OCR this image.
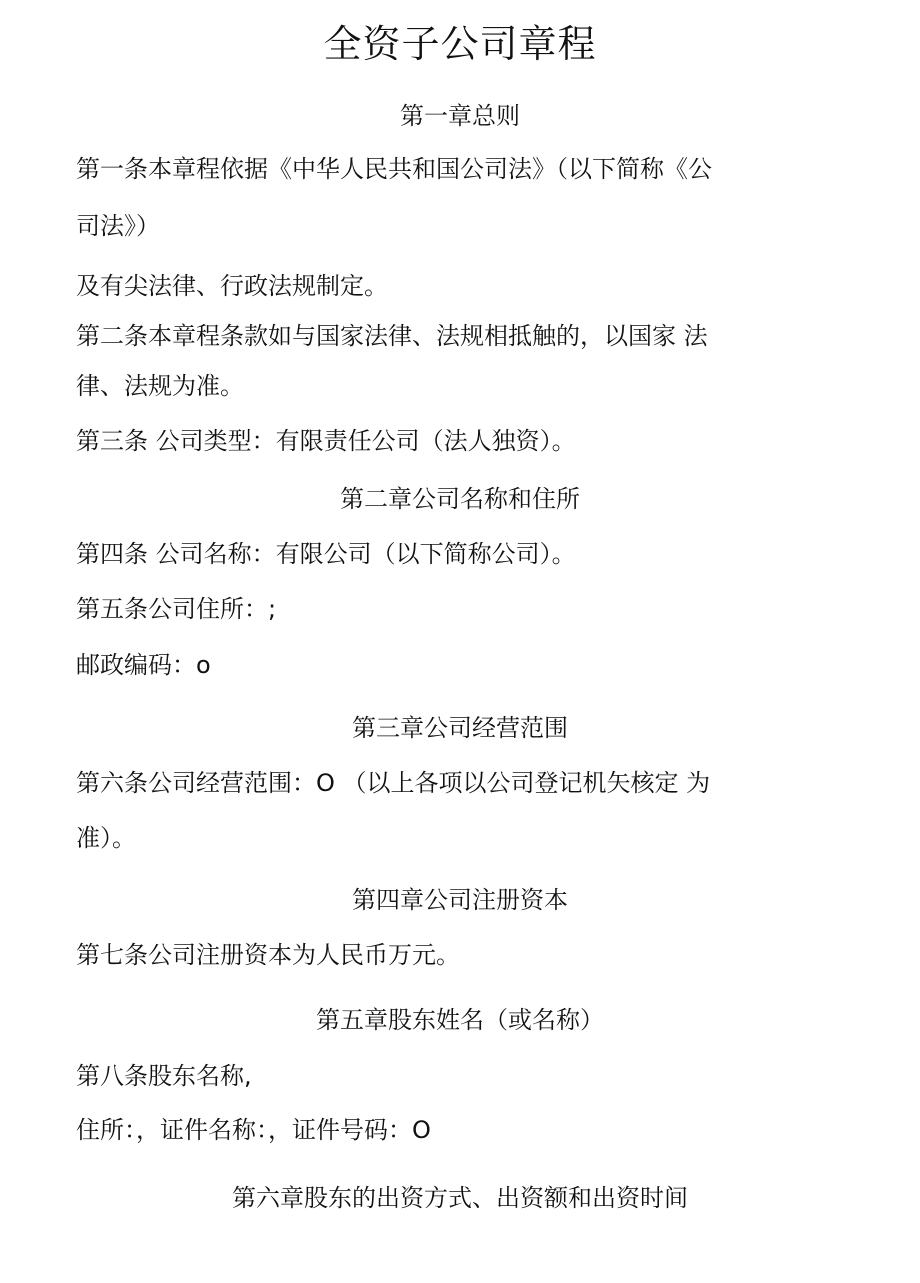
全资子公司章程
第一章总则
第一条本章程依据《中华人民共和国公司法》（以下简称《公
司法》）
及有尖法律、行政法规制定。
第二条本章程条款如与国家法律、法规相抵触的，以国家 法
律、法规为准。
第三条 公司类型：有限责任公司（法人独资）。
第二章公司名称和住所
第四条 公司名称：有限公司（以下简称公司）。
第五条公司住所：;
邮政编码：o
第三章公司经营范围
第六条公司经营范围：O （以上各项以公司登记机矢核定 为
准）。
第四章公司注册资本
第七条公司注册资本为人民币万元。
第五章股东姓名（或名称）
第八条股东名称,
住所：，证件名称：，证件号码：O
第六章股东的出资方式、出资额和出资时间
